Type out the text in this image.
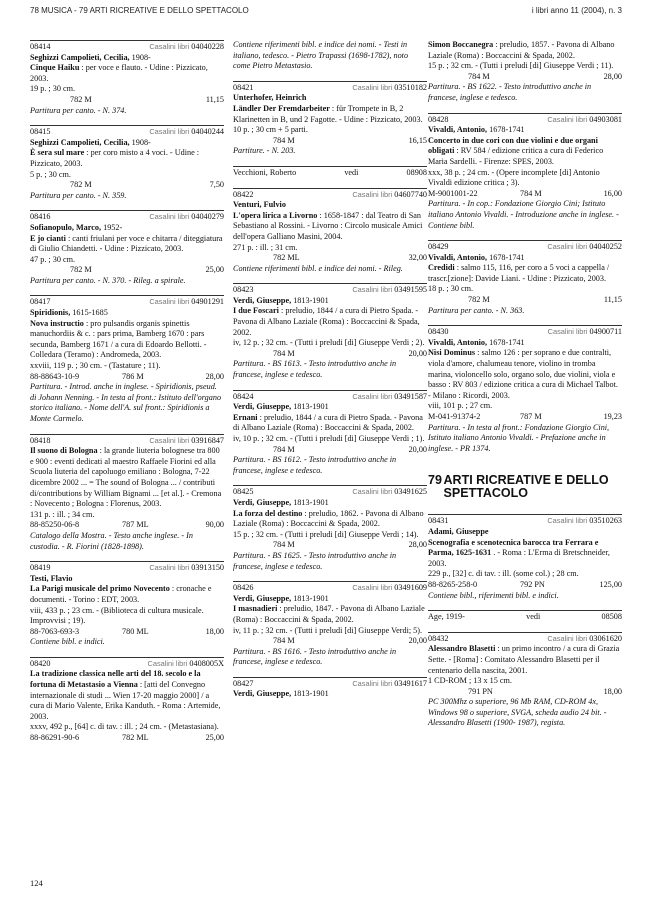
78 MUSICA - 79 ARTI RICREATIVE E DELLO SPETTACOLO	i libri anno 11 (2004), n. 3
08414	Casalini libri 04040228
Seghizzi Campolieti, Cecilia, 1908-
Cinque Haiku : per voce e flauto. - Udine : Pizzicato, 2003.
19 p. ; 30 cm.
782 M	11,15
Partitura per canto. - N. 374.
08415	Casalini libri 04040244
Seghizzi Campolieti, Cecilia, 1908-
È sera sul mare : per coro misto a 4 voci. - Udine : Pizzicato, 2003.
5 p. ; 30 cm.
782 M	7,50
Partitura per canto. - N. 359.
08416	Casalini libri 04040279
Sofianopulo, Marco, 1952-
E jo cianti : canti friulani per voce e chitarra / diteggiatura di Giulio Chiandetti. - Udine : Pizzicato, 2003.
47 p. ; 30 cm.
782 M	25,00
Partitura per canto. - N. 370. - Rileg. a spirale.
08417	Casalini libri 04901291
Spiridionis, 1615-1685
Nova instructio : pro pulsandis organis spinettis manuchordiis & c. : pars prima, Bamberg 1670 : pars secunda, Bamberg 1671 / a cura di Edoardo Bellotti. - Colledara (Teramo) : Andromeda, 2003.
xxviii, 119 p. ; 30 cm. - (Tastature ; 11).
88-88643-10-9	786 M	28,00
Partitura. - Introd. anche in inglese. - Spiridionis, pseud. di Johann Nenning. - In testa al front.: Istituto dell'organo storico italiano. - Nome dell'A. sul front.: Spiridionis a Monte Carmelo.
08418	Casalini libri 03916847
Il suono di Bologna : la grande liuteria bolognese tra 800 e 900 : eventi dedicati al maestro Raffaele Fiorini ed alla Scuola liuteria del capoluogo emiliano : Bologna, 7-22 dicembre 2002 ... = The sound of Bologna ... / contributi di/contributions by William Bignami ... [et al.]. - Cremona : Novecento ; Bologna : Florenus, 2003.
131 p. : ill. ; 34 cm.
88-85250-06-8	787 ML	90,00
Catalogo della Mostra. - Testo anche inglese. - In custodia. - R. Fiorini (1828-1898).
08419	Casalini libri 03913150
Testi, Flavio
La Parigi musicale del primo Novecento : cronache e documenti. - Torino : EDT, 2003.
viii, 433 p. ; 23 cm. - (Biblioteca di cultura musicale. Improvvisi ; 19).
88-7063-693-3	780 ML	18,00
Contiene bibl. e indici.
08420	Casalini libri 0408005X
La tradizione classica nelle arti del 18. secolo e la fortuna di Metastasio a Vienna : [atti del Convegno internazionale di studi ... Wien 17-20 maggio 2000] / a cura di Mario Valente, Erika Kanduth. - Roma : Artemide, 2003.
xxxv, 492 p., [64] c. di tav. : ill. ; 24 cm. - (Metastasiana).
88-86291-90-6	782 ML	25,00
Contiene riferimenti bibl. e indice dei nomi. - Testi in italiano, tedesco. - Pietro Trapassi (1698-1782), noto come Pietro Metastasio.
08421	Casalini libri 03510182
Unterhofer, Heinrich
Ländler Der Fremdarbeiter : für Trompete in B, 2 Klarinetten in B, und 2 Fagotte. - Udine : Pizzicato, 2003.
10 p. ; 30 cm + 5 parti.
784 M	16,15
Partiture. - N. 203.
Vecchioni, Roberto	vedi	08908
08422	Casalini libri 04607740
Venturi, Fulvio
L'opera lirica a Livorno : 1658-1847 : dal Teatro di San Sebastiano al Rossini. - Livorno : Circolo musicale Amici dell'opera Galliano Masini, 2004.
271 p. : ill. ; 31 cm.
782 ML	32,00
Contiene riferimenti bibl. e indice dei nomi. - Rileg.
08423	Casalini libri 03491595
Verdi, Giuseppe, 1813-1901
I due Foscari : preludio, 1844 / a cura di Pietro Spada. - Pavona di Albano Laziale (Roma) : Boccaccini & Spada, 2002.
iv, 12 p. ; 32 cm. - (Tutti i preludi [di] Giuseppe Verdi ; 2).
784 M	20,00
Partitura. - BS 1613. - Testo introduttivo anche in francese, inglese e tedesco.
08424	Casalini libri 03491587
Verdi, Giuseppe, 1813-1901
Ernani : preludio, 1844 / a cura di Pietro Spada. - Pavona di Albano Laziale (Roma) : Boccaccini & Spada, 2002.
iv, 10 p. ; 32 cm. - (Tutti i preludi [di] Giuseppe Verdi ; 1).
784 M	20,00
Partitura. - BS 1612. - Testo introduttivo anche in francese, inglese e tedesco.
08425	Casalini libri 03491625
Verdi, Giuseppe, 1813-1901
La forza del destino : preludio, 1862. - Pavona di Albano Laziale (Roma) : Boccaccini & Spada, 2002.
15 p. ; 32 cm. - (Tutti i preludi [di] Giuseppe Verdi ; 14).
784 M	28,00
Partitura. - BS 1625. - Testo introduttivo anche in francese, inglese e tedesco.
08426	Casalini libri 03491609
Verdi, Giuseppe, 1813-1901
I masnadieri : preludio, 1847. - Pavona di Albano Laziale (Roma) : Boccaccini & Spada, 2002.
iv, 11 p. ; 32 cm. - (Tutti i preludi [di] Giuseppe Verdi; 5).
784 M	20,00
Partitura. - BS 1616. - Testo introduttivo anche in francese, inglese e tedesco.
08427	Casalini libri 03491617
Verdi, Giuseppe, 1813-1901
Simon Boccanegra : preludio, 1857. - Pavona di Albano Laziale (Roma) : Boccaccini & Spada, 2002.
15 p. ; 32 cm. - (Tutti i preludi [di] Giuseppe Verdi ; 11).
784 M	28,00
Partitura. - BS 1622. - Testo introduttivo anche in francese, inglese e tedesco.
08428	Casalini libri 04903081
Vivaldi, Antonio, 1678-1741
Concerto in due cori con due violini e due organi obligati : RV 584 / edizione critica a cura di Federico Maria Sardelli. - Firenze: SPES, 2003.
xxx, 38 p. ; 24 cm. - (Opere incomplete [di] Antonio Vivaldi edizione critica ; 3).
M-9001001-22	784 M	16,00
Partitura. - In cop.: Fondazione Giorgio Cini; Istituto italiano Antonio Vivaldi. - Introduzione anche in inglese. - Contiene bibl.
08429	Casalini libri 04040252
Vivaldi, Antonio, 1678-1741
Credidi : salmo 115, 116, per coro a 5 voci a cappella / trascr.[zione]: Davide Liani. - Udine : Pizzicato, 2003.
18 p. ; 30 cm.
782 M	11,15
Partitura per canto. - N. 363.
08430	Casalini libri 04900711
Vivaldi, Antonio, 1678-1741
Nisi Dominus : salmo 126 : per soprano e due contralti, viola d'amore, chalumeau tenore, violino in tromba marina, violoncello solo, organo solo, due violini, viola e basso : RV 803 / edizione critica a cura di Michael Talbot. - Milano : Ricordi, 2003.
viii, 101 p. ; 27 cm.
M-041-91374-2	787 M	19,23
Partitura. - In testa al front.: Fondazione Giorgio Cini, Istituto italiano Antonio Vivaldi. - Prefazione anche in inglese. - PR 1374.
79 ARTI RICREATIVE E DELLO SPETTACOLO
08431	Casalini libri 03510263
Adami, Giuseppe
Scenografia e scenotecnica barocca tra Ferrara e Parma, 1625-1631 . - Roma : L'Erma di Bretschneider, 2003.
229 p., [32] c. di tav. : ill. (some col.) ; 28 cm.
88-8265-258-0	792 PN	125,00
Contiene bibl., riferimenti bibl. e indici.
Age, 1919-	vedi	08508
08432	Casalini libri 03061620
Alessandro Blasetti : un primo incontro / a cura di Grazia Sette. - [Roma] : Comitato Alessandro Blasetti per il centenario della nascita, 2001.
1 CD-ROM ; 13 x 15 cm.
791 PN	18,00
PC 300Mhz o superiore, 96 Mb RAM, CD-ROM 4x, Windows 98 o superiore, SVGA, scheda audio 24 bit. - Alessandro Blasetti (1900- 1987), regista.
124
